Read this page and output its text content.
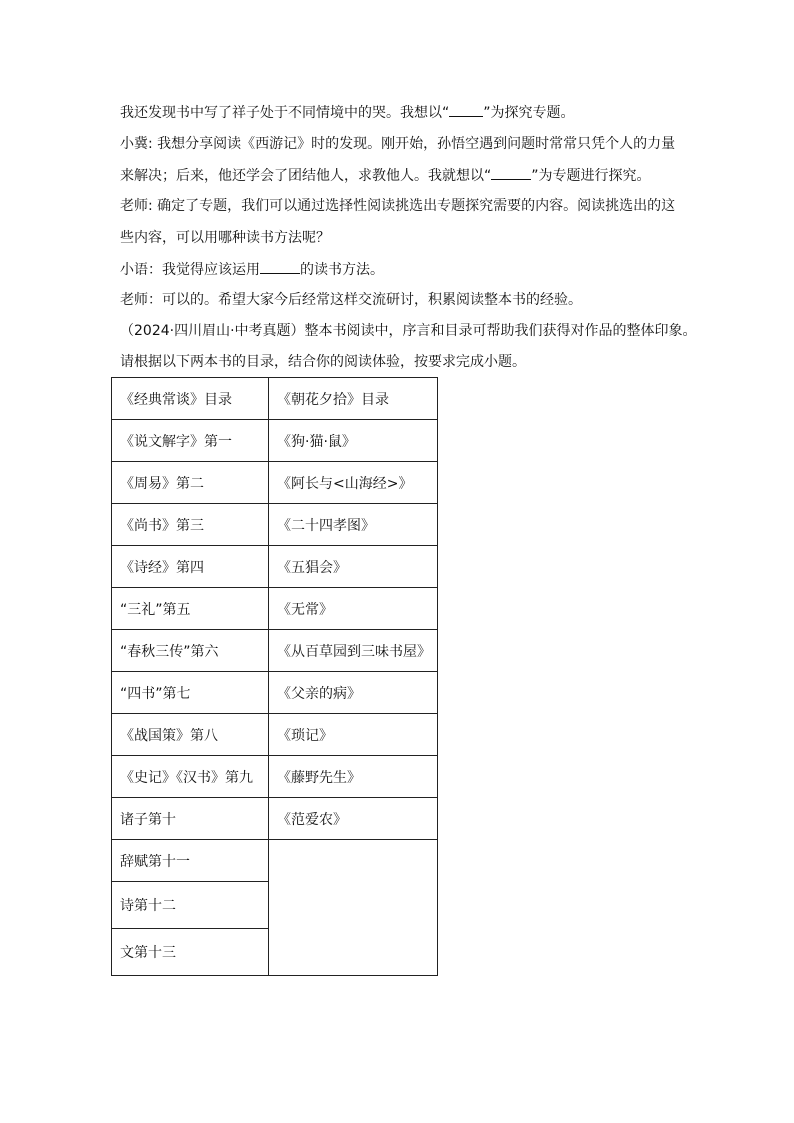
我还发现书中写了祥子处于不同情境中的哭。我想以“ ”为探究专题。

小冀: 我想分享阅读《西游记》时的发现。刚开始，孙悟空遇到问题时常常只凭个人的力量

来解决；后来，他还学会了团结他人，求教他人。我就想以“	”为专题进行探究。

老师: 确定了专题，我们可以通过选择性阅读挑选出专题探究需要的内容。阅读挑选出的这

些内容，可以用哪种读书方法呢？

小语：我觉得应该运用	的读书方法。

老师：可以的。希望大家今后经常这样交流研讨，积累阅读整本书的经验。

（2024·四川眉山·中考真题）整本书阅读中，序言和目录可帮助我们获得对作品的整体印象。

请根据以下两本书的目录，结合你的阅读体验，按要求完成小题。

《经典常谈》目录	《朝花夕拾》目录
《说文解字》第一	《狗·猫·鼠》
《周易》第二	《阿长与<山海经>》
《尚书》第三	《二十四孝图》
《诗经》第四	《五猖会》
“三礼”第五	《无常》
“春秋三传”第六	《从百草园到三味书屋》
“四书”第七	《父亲的病》
《战国策》第八	《琐记》
《史记》《汉书》第九	《藤野先生》
诸子第十	《范爱农》
辞赋第十一	
诗第十二	
文第十三	
